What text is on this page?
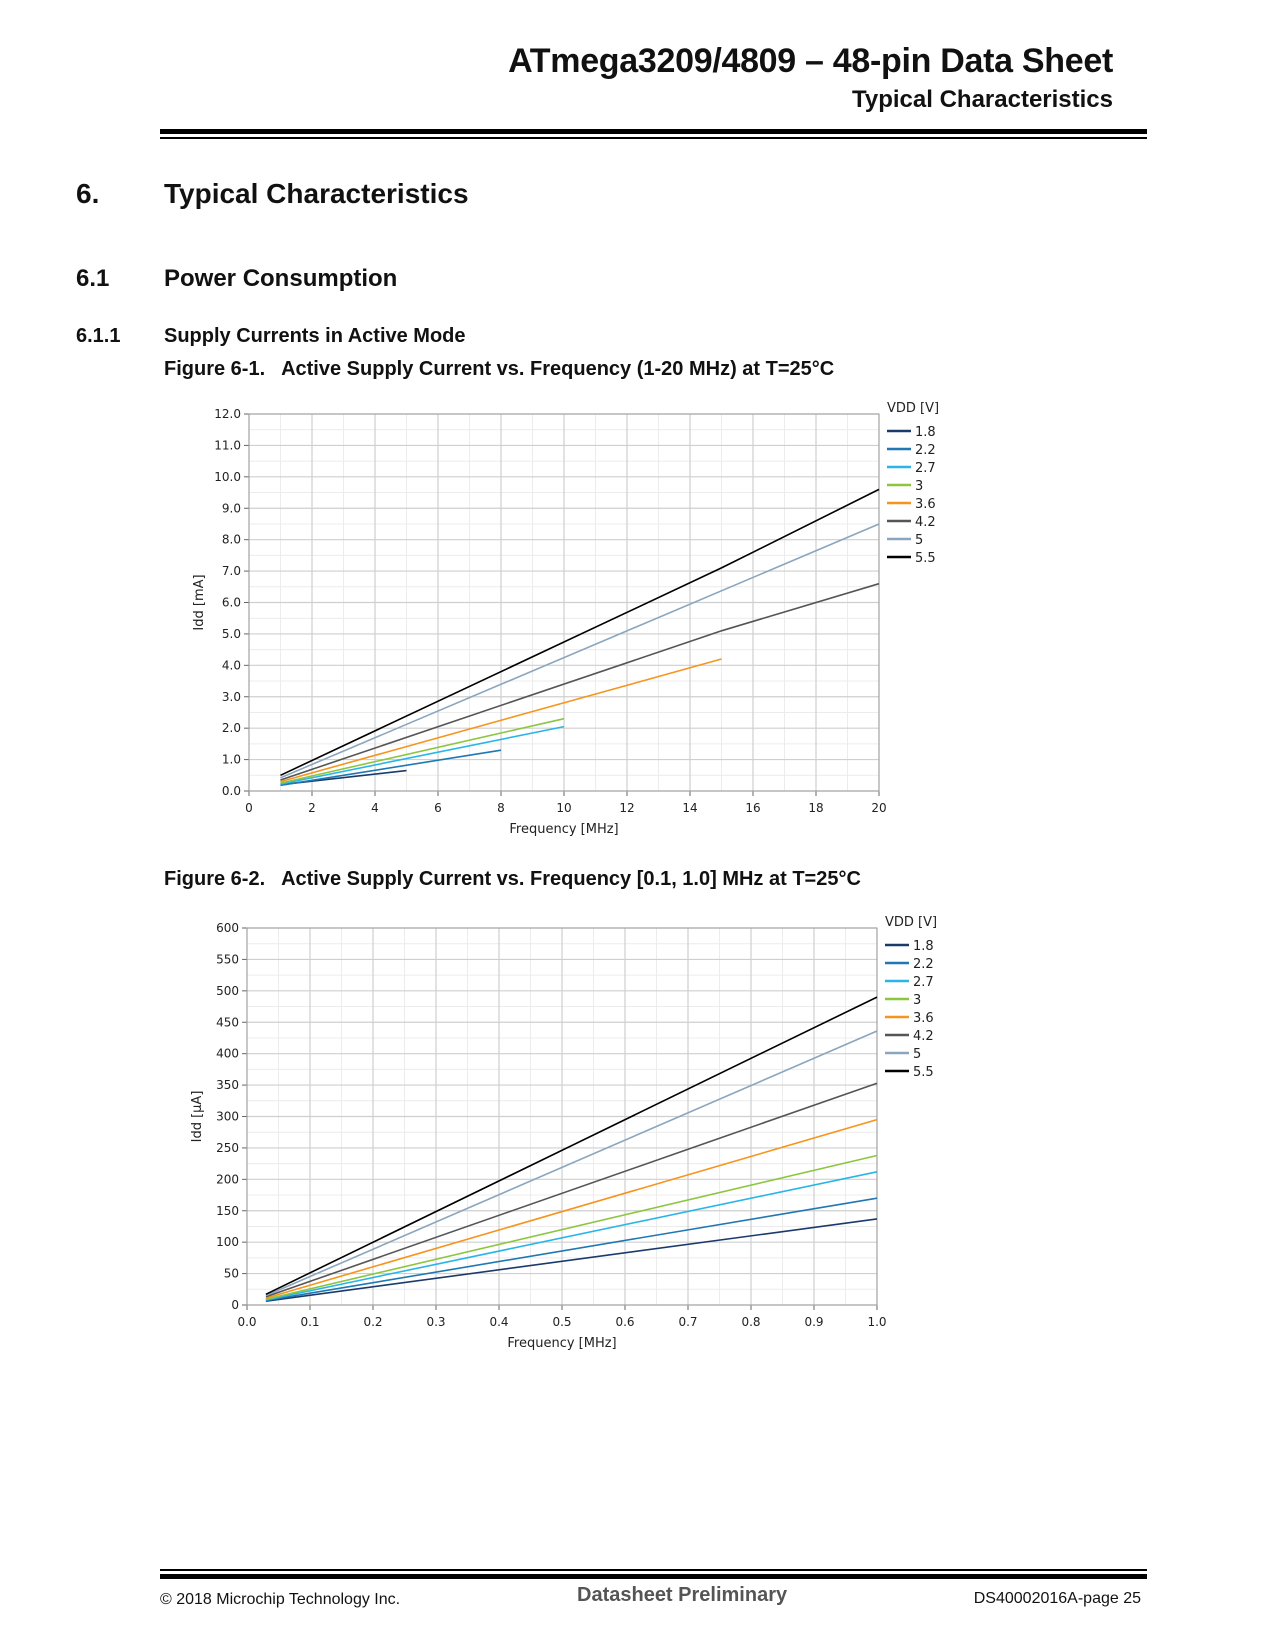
ATmega3209/4809 – 48-pin Data Sheet
Typical Characteristics
6. Typical Characteristics
6.1 Power Consumption
6.1.1 Supply Currents in Active Mode
Figure 6-1. Active Supply Current vs. Frequency (1-20 MHz) at T=25°C
0	2	4	6	8	10	12	14	16	18	20
0.0
1.0
2.0
3.0
4.0
5.0
6.0
7.0
8.0
9.0
10.0
11.0
12.0
Frequency [MHz]
Idd [mA]
VDD [V]
1.8
2.2
2.7
3
3.6
4.2
5
5.5
Figure 6-2. Active Supply Current vs. Frequency [0.1, 1.0] MHz at T=25°C
0.0	0.1	0.2	0.3	0.4	0.5	0.6	0.7	0.8	0.9	1.0
0
50
100
150
200
250
300
350
400
450
500
550
600
Frequency [MHz]
Idd [µA]
VDD [V]
1.8
2.2
2.7
3
3.6
4.2
5
5.5
© 2018 Microchip Technology Inc.	Datasheet Preliminary	DS40002016A-page 25
